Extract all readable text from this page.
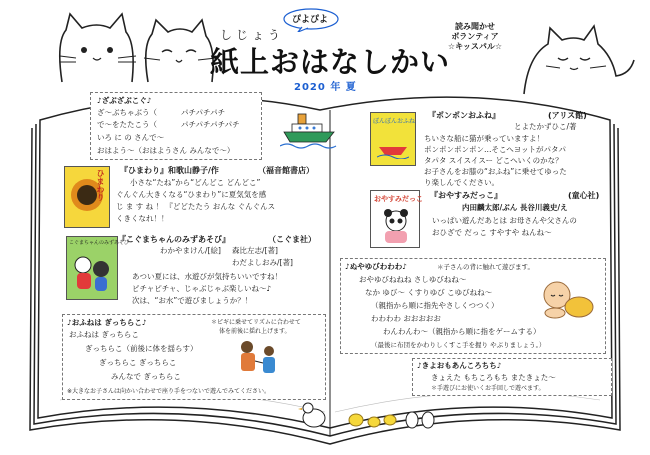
ぴよぴよ
しじょう
紙上おはなしかい
2020 年 夏
読み聞かせ
ボランティア
☆キッスパル☆
♪ざぶざぶこぐ♪
ざ～ぶちゃぶう（	パチパチパチ
で～をたたこう（	パチパチパチパチ
いろ に の さんで～
おはよう～（おはようさん みんなで～）
ひまわり 『ひまわり』和歌山静子/作	（福音館書店）
小さな“たね”から“どんどこ どんどこ”
ぐんぐん大きくなる“ひまわり”に夏気気を感
じ ま す ね ！ 『どどたたう おんな ぐんぐんス
くきくなれ！！
こぐまちゃんのみずあそび
『こぐまちゃんのみずあそび』	（こぐま社）
わかやまけん/[絵] 森比左志/[著]
わだよしおみ/[著]
あつい夏には、水遊びが気持ちいいですね！
ピチャピチャ、じゃぶじゃぶ楽しいね～♪
次は、“お水”で遊びましょうか？！
♪おふねは ぎっちらこ♪	＊ピギに乗せてリズムに合わせて
体を前後に揺れ上げます。
おふねは ぎっちらこ
ぎっちらこ（前後に体を揺らす）
ぎっちらこ ぎっちらこ
みんなで ぎっちらこ
※大きなお子さんは向かい合わせで座り手をつないで遊んでみてください。
ぽんぽんおふね
『ポンポンおふね』	(アリス館)
とよたかずひこ/著
ちいさな船に猫が乗っていますよ！
ポンポンポンポン…そこへヨットがパタパ
タパタ スイスイスー どこへいくのかな？
お子さんをお膝の“おふね”に乗せてゆった
り楽しんでください。
おやすみだっこ 『おやすみだっこ』	(童心社)
内田麟太郎/ぶん 長谷川義史/え
いっぱい遊んだあとは お母さんや父さんの
おひざで だっこ すやすや ねんね～
♪ぬやゆびわわわ♪	＊子さんの背に触れて遊びます。
おやゆびねねね さしゆびねね～
なか ゆび～ くすりゆび こゆびねね～
（親指から順に指先やさしくつつく）
わわわわ おおおおお
わんわんわ～（親指から順に指をゲームする）
（最後に布団をかわりしくすこ手を握り やぶりましょう。）
♪きよおもあんころちち♪
きょえた もちころもち またきょた～
＊手遊びにお使いくお手回しで遊べます。
